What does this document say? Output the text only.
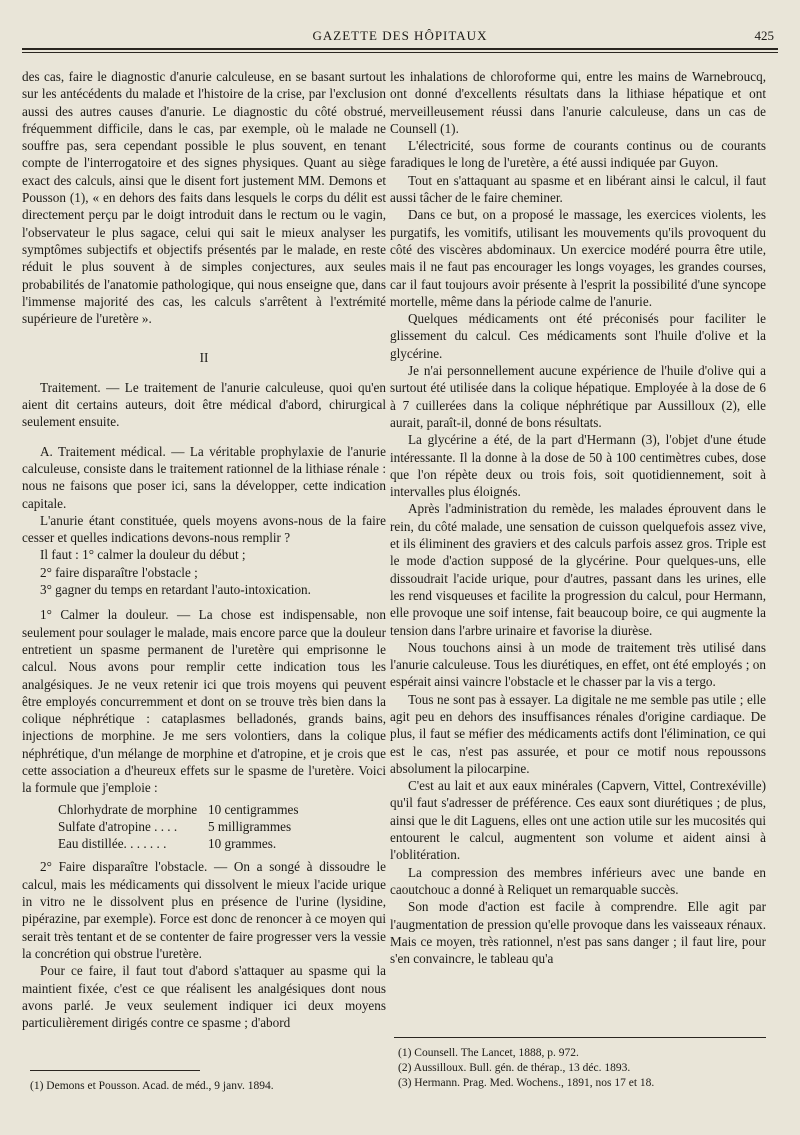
GAZETTE DES HÔPITAUX	425

des cas, faire le diagnostic d'anurie calculeuse, en se basant surtout sur les antécédents du malade et l'histoire de la crise, par l'exclusion aussi des autres causes d'anurie. Le diagnostic du côté obstrué, fréquemment difficile, dans le cas, par exemple, où le malade ne souffre pas, sera cependant possible le plus souvent, en tenant compte de l'interrogatoire et des signes physiques. Quant au siège exact des calculs, ainsi que le disent fort justement MM. Demons et Pousson (1), « en dehors des faits dans lesquels le corps du délit est directement perçu par le doigt introduit dans le rectum ou le vagin, l'observateur le plus sagace, celui qui sait le mieux analyser les symptômes subjectifs et objectifs présentés par le malade, en reste réduit le plus souvent à de simples conjectures, aux seules probabilités de l'anatomie pathologique, qui nous enseigne que, dans l'immense majorité des cas, les calculs s'arrêtent à l'extrémité supérieure de l'uretère ».

II

Traitement. — Le traitement de l'anurie calculeuse, quoi qu'en aient dit certains auteurs, doit être médical d'abord, chirurgical seulement ensuite.

A. Traitement médical. — La véritable prophylaxie de l'anurie calculeuse, consiste dans le traitement rationnel de la lithiase rénale : nous ne faisons que poser ici, sans la développer, cette indication capitale.

L'anurie étant constituée, quels moyens avons-nous de la faire cesser et quelles indications devons-nous remplir ?

Il faut : 1° calmer la douleur du début ;

2° faire disparaître l'obstacle ;

3° gagner du temps en retardant l'auto-intoxication.

1° Calmer la douleur. — La chose est indispensable, non seulement pour soulager le malade, mais encore parce que la douleur entretient un spasme permanent de l'uretère qui emprisonne le calcul. Nous avons pour remplir cette indication tous les analgésiques. Je ne veux retenir ici que trois moyens qui peuvent être employés concurremment et dont on se trouve très bien dans la colique néphrétique : cataplasmes belladonés, grands bains, injections de morphine. Je me sers volontiers, dans la colique néphrétique, d'un mélange de morphine et d'atropine, et je crois que cette association a d'heureux effets sur le spasme de l'uretère. Voici la formule que j'emploie :

Chlorhydrate de morphine 10 centigrammes
Sulfate d'atropine . . . .	5 milligrammes
Eau distillée. . . . . . .	10 grammes.

2° Faire disparaître l'obstacle. — On a songé à dissoudre le calcul, mais les médicaments qui dissolvent le mieux l'acide urique in vitro ne le dissolvent plus en présence de l'urine (lysidine, pipérazine, par exemple). Force est donc de renoncer à ce moyen qui serait très tentant et de se contenter de faire progresser vers la vessie la concrétion qui obstrue l'uretère.

Pour ce faire, il faut tout d'abord s'attaquer au spasme qui la maintient fixée, c'est ce que réalisent les analgésiques dont nous avons parlé. Je veux seulement indiquer ici deux moyens particulièrement dirigés contre ce spasme ; d'abord

(1) Demons et Pousson. Acad. de méd., 9 janv. 1894.

les inhalations de chloroforme qui, entre les mains de Warnebroucq, ont donné d'excellents résultats dans la lithiase hépatique et ont merveilleusement réussi dans l'anurie calculeuse, dans un cas de Counsell (1).

L'électricité, sous forme de courants continus ou de courants faradiques le long de l'uretère, a été aussi indiquée par Guyon.

Tout en s'attaquant au spasme et en libérant ainsi le calcul, il faut aussi tâcher de le faire cheminer.

Dans ce but, on a proposé le massage, les exercices violents, les purgatifs, les vomitifs, utilisant les mouvements qu'ils provoquent du côté des viscères abdominaux. Un exercice modéré pourra être utile, mais il ne faut pas encourager les longs voyages, les grandes courses, car il faut toujours avoir présente à l'esprit la possibilité d'une syncope mortelle, même dans la période calme de l'anurie.

Quelques médicaments ont été préconisés pour faciliter le glissement du calcul. Ces médicaments sont l'huile d'olive et la glycérine.

Je n'ai personnellement aucune expérience de l'huile d'olive qui a surtout été utilisée dans la colique hépatique. Employée à la dose de 6 à 7 cuillerées dans la colique néphrétique par Aussilloux (2), elle aurait, paraît-il, donné de bons résultats.

La glycérine a été, de la part d'Hermann (3), l'objet d'une étude intéressante. Il la donne à la dose de 50 à 100 centimètres cubes, dose que l'on répète deux ou trois fois, soit quotidiennement, soit à intervalles plus éloignés.

Après l'administration du remède, les malades éprouvent dans le rein, du côté malade, une sensation de cuisson quelquefois assez vive, et ils éliminent des graviers et des calculs parfois assez gros. Triple est le mode d'action supposé de la glycérine. Pour quelques-uns, elle dissoudrait l'acide urique, pour d'autres, passant dans les urines, elle les rend visqueuses et facilite la progression du calcul, pour Hermann, elle provoque une soif intense, fait beaucoup boire, ce qui augmente la tension dans l'arbre urinaire et favorise la diurèse.

Nous touchons ainsi à un mode de traitement très utilisé dans l'anurie calculeuse. Tous les diurétiques, en effet, ont été employés ; on espérait ainsi vaincre l'obstacle et le chasser par la vis a tergo.

Tous ne sont pas à essayer. La digitale ne me semble pas utile ; elle agit peu en dehors des insuffisances rénales d'origine cardiaque. De plus, il faut se méfier des médicaments actifs dont l'élimination, ce qui est le cas, n'est pas assurée, et pour ce motif nous repoussons absolument la pilocarpine.

C'est au lait et aux eaux minérales (Capvern, Vittel, Contrexéville) qu'il faut s'adresser de préférence. Ces eaux sont diurétiques ; de plus, ainsi que le dit Laguens, elles ont une action utile sur les mucosités qui entourent le calcul, augmentent son volume et aident ainsi à l'oblitération.

La compression des membres inférieurs avec une bande en caoutchouc a donné à Reliquet un remarquable succès.

Son mode d'action est facile à comprendre. Elle agit par l'augmentation de pression qu'elle provoque dans les vaisseaux rénaux. Mais ce moyen, très rationnel, n'est pas sans danger ; il faut lire, pour s'en convaincre, le tableau qu'a

(1) Counsell. The Lancet, 1888, p. 972.
(2) Aussilloux. Bull. gén. de thérap., 13 déc. 1893.
(3) Hermann. Prag. Med. Wochens., 1891, nos 17 et 18.
